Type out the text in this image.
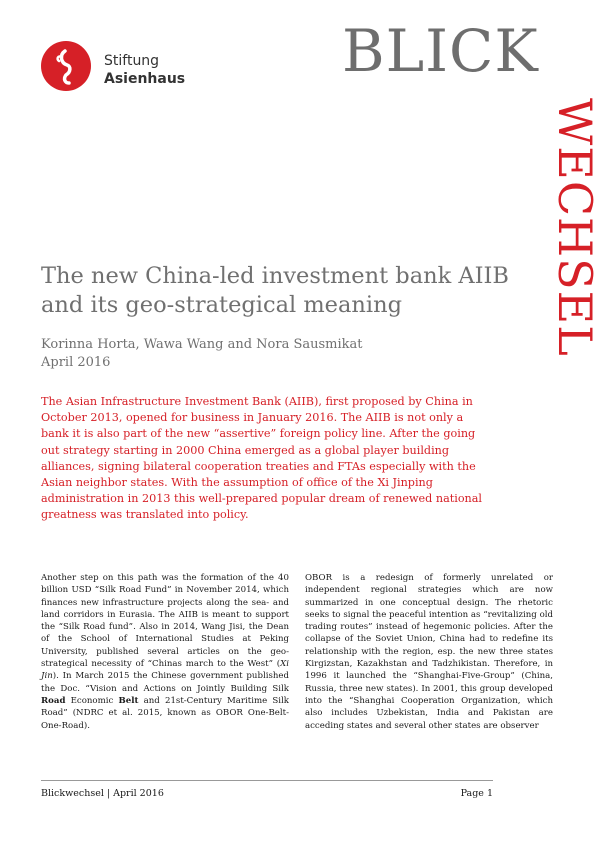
Stiftung
Asienhaus	BLICK
WECHSEL
The new China-led investment bank AIIB and its geo-strategical meaning
Korinna Horta, Wawa Wang and Nora Sausmikat
April 2016

The Asian Infrastructure Investment Bank (AIIB), first proposed by China in October 2013, opened for business in January 2016. The AIIB is not only a bank it is also part of the new “assertive” foreign policy line. After the going out strategy starting in 2000 China emerged as a global player building alliances, signing bilateral cooperation treaties and FTAs especially with the Asian neighbor states. With the assumption of office of the Xi Jinping administration in 2013 this well-prepared popular dream of renewed national greatness was translated into policy.

Another step on this path was the formation of the 40 billion USD “Silk Road Fund” in November 2014, which finances new infrastructure projects along the sea- and land corridors in Eurasia. The AIIB is meant to support the “Silk Road fund”. Also in 2014, Wang Jisi, the Dean of the School of International Studies at Peking University, published several articles on the geo-strategical necessity of “Chinas march to the West” (Xi Jin). In March 2015 the Chinese government published the Doc. “Vision and Actions on Jointly Building Silk Road Economic Belt and 21st-Century Maritime Silk Road” (NDRC et al. 2015, known as OBOR One-Belt-One-Road).

OBOR is a redesign of formerly unrelated or independent regional strategies which are now summarized in one conceptual design. The rhetoric seeks to signal the peaceful intention as “revitalizing old trading routes” instead of hegemonic policies. After the collapse of the Soviet Union, China had to redefine its relationship with the region, esp. the new three states Kirgizstan, Kazakhstan and Tadzhikistan. Therefore, in 1996 it launched the “Shanghai-Five-Group” (China, Russia, three new states). In 2001, this group developed into the “Shanghai Cooperation Organization, which also includes Uzbekistan, India and Pakistan are acceding states and several other states are observer

Blickwechsel | April 2016	Page 1
